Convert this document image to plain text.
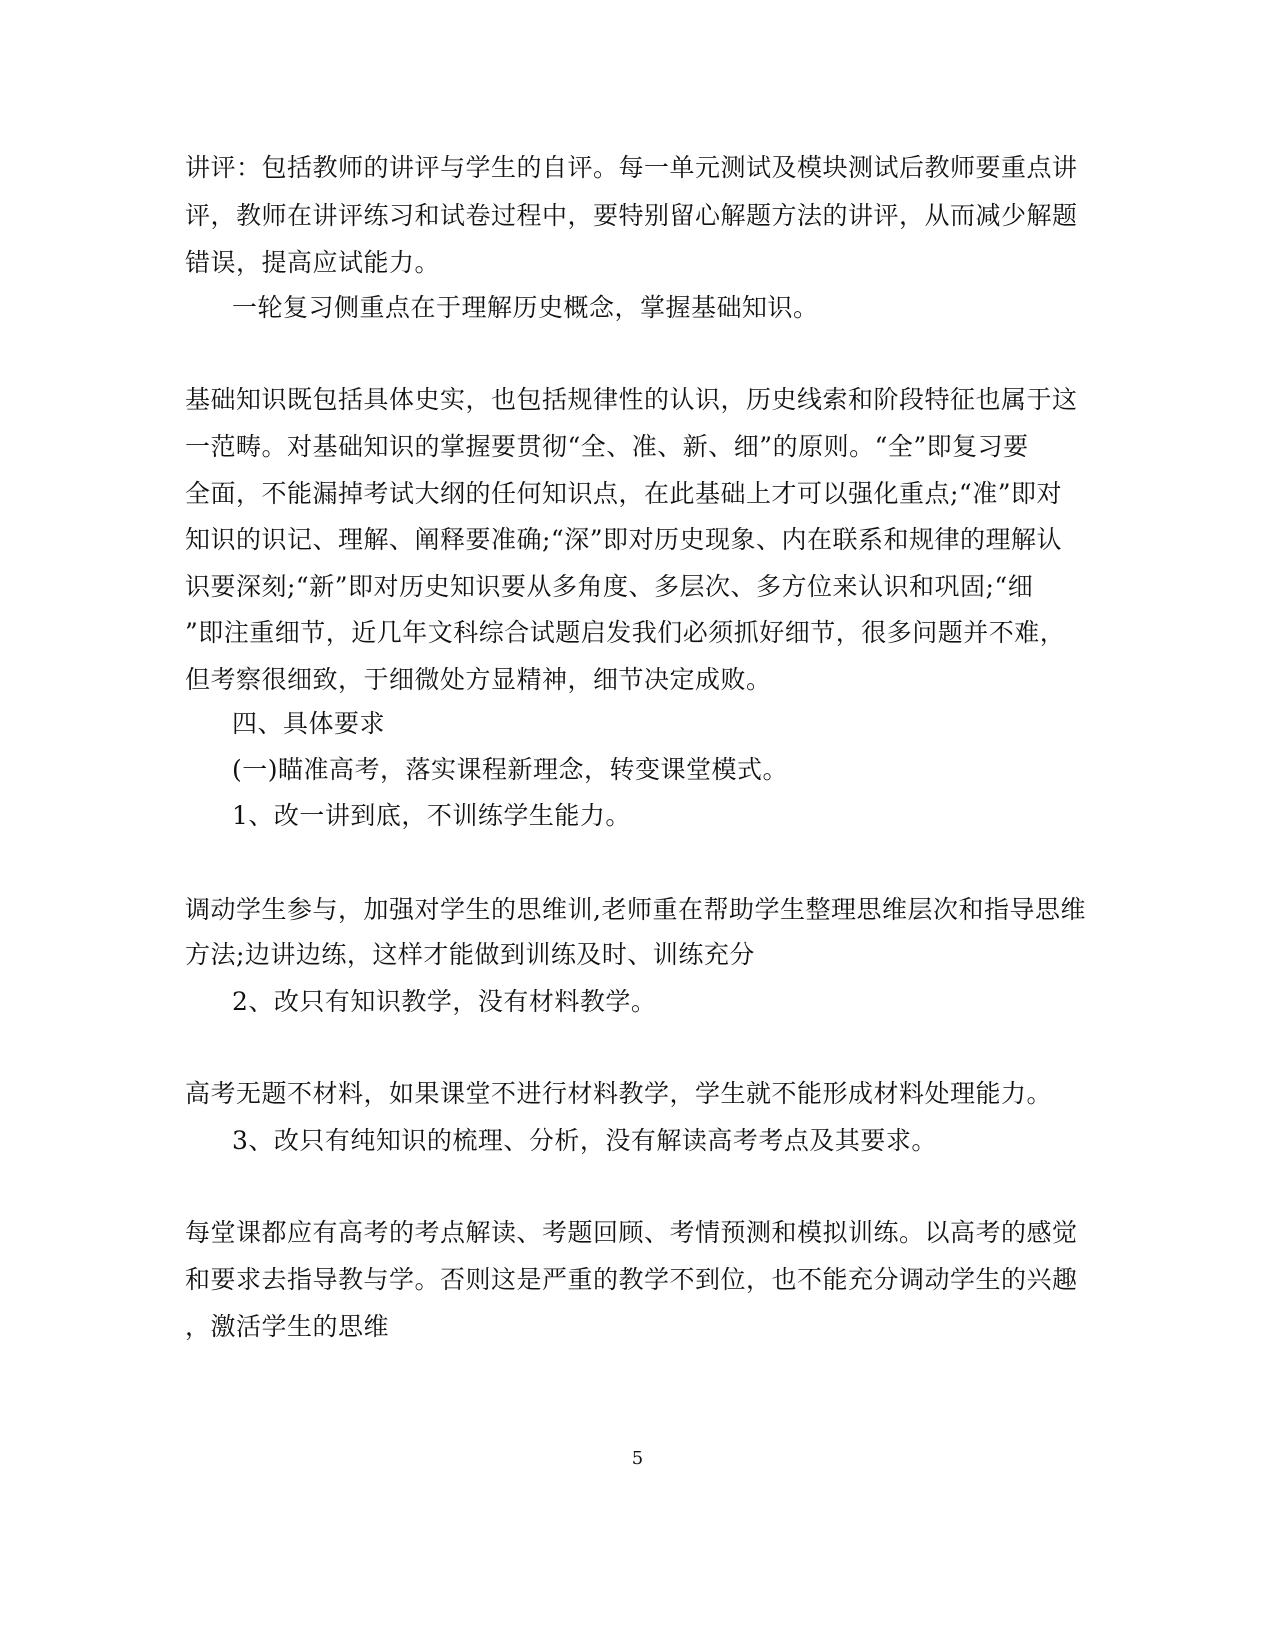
讲评：包括教师的讲评与学生的自评。每一单元测试及模块测试后教师要重点讲
评，教师在讲评练习和试卷过程中，要特别留心解题方法的讲评，从而减少解题
错误，提高应试能力。
一轮复习侧重点在于理解历史概念，掌握基础知识。
基础知识既包括具体史实，也包括规律性的认识，历史线索和阶段特征也属于这
一范畴。对基础知识的掌握要贯彻“全、准、新、细”的原则。“全”即复习要
全面，不能漏掉考试大纲的任何知识点，在此基础上才可以强化重点;“准”即对
知识的识记、理解、阐释要准确;“深”即对历史现象、内在联系和规律的理解认
识要深刻;“新”即对历史知识要从多角度、多层次、多方位来认识和巩固;“细
”即注重细节，近几年文科综合试题启发我们必须抓好细节，很多问题并不难，
但考察很细致，于细微处方显精神，细节决定成败。
四、具体要求
(一)瞄准高考，落实课程新理念，转变课堂模式。
1、改一讲到底，不训练学生能力。
调动学生参与，加强对学生的思维训,老师重在帮助学生整理思维层次和指导思维
方法;边讲边练，这样才能做到训练及时、训练充分
2、改只有知识教学，没有材料教学。
高考无题不材料，如果课堂不进行材料教学，学生就不能形成材料处理能力。
3、改只有纯知识的梳理、分析，没有解读高考考点及其要求。
每堂课都应有高考的考点解读、考题回顾、考情预测和模拟训练。以高考的感觉
和要求去指导教与学。否则这是严重的教学不到位，也不能充分调动学生的兴趣
，激活学生的思维
5
